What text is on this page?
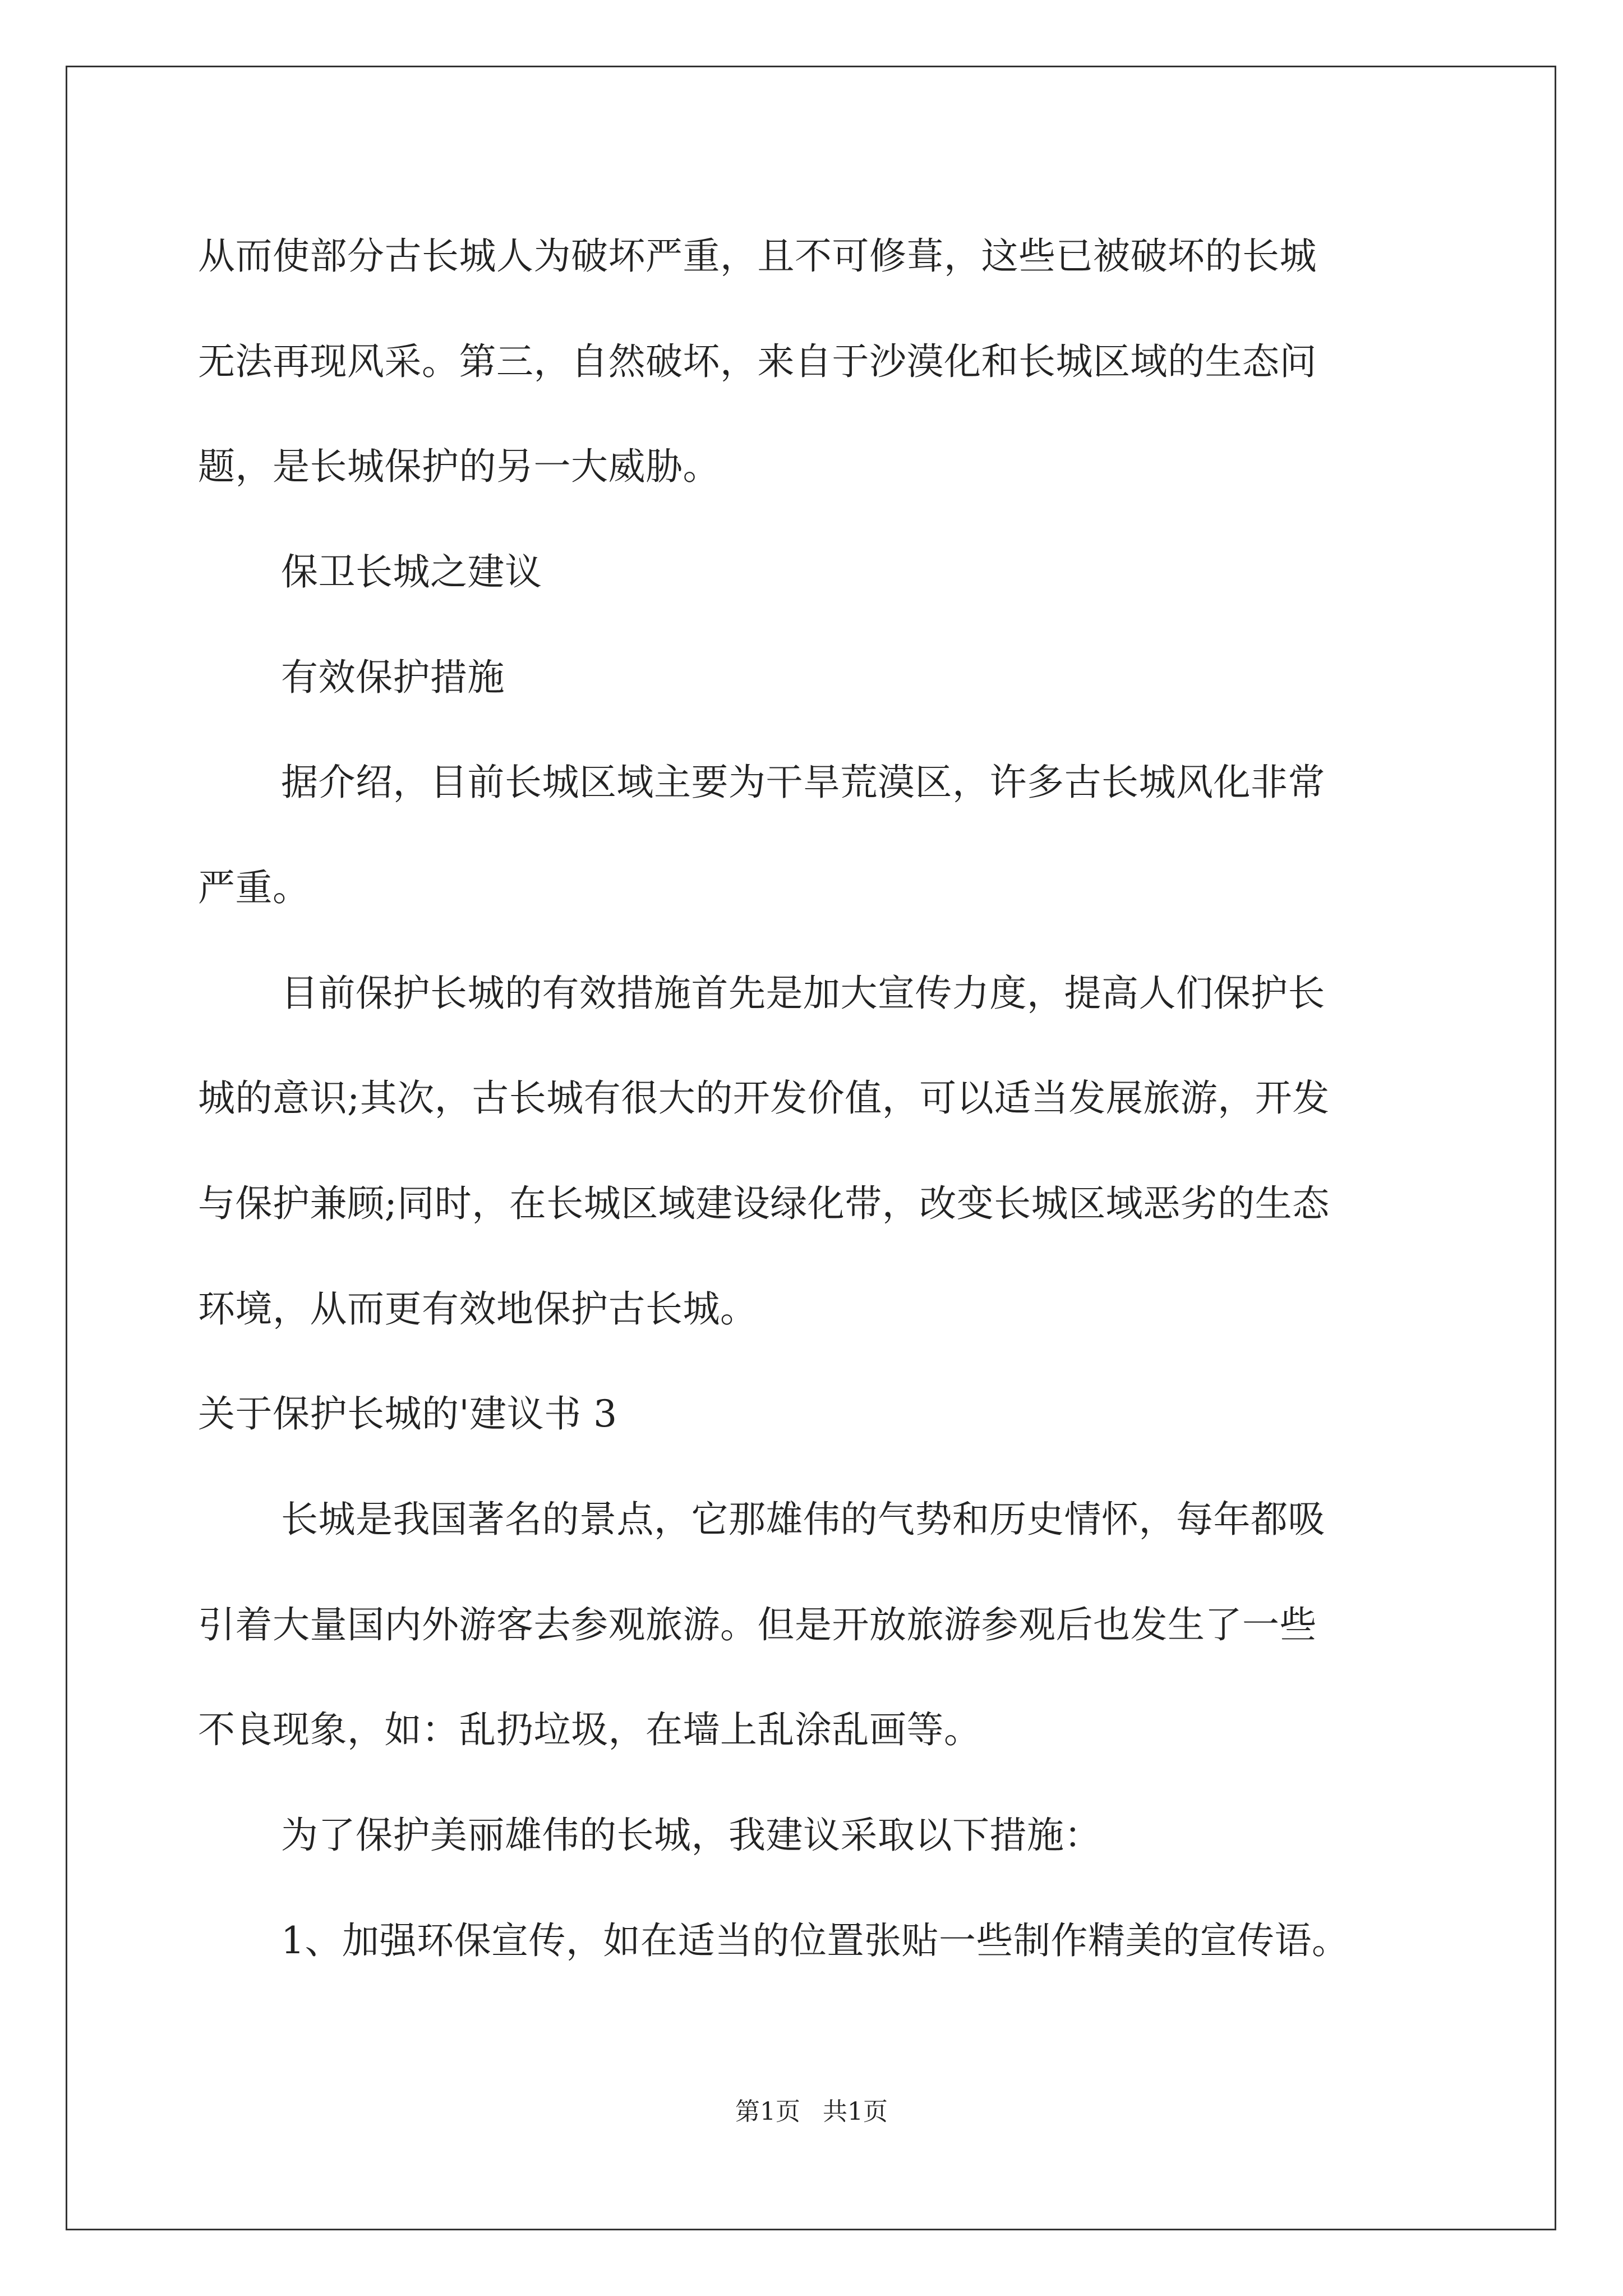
从而使部分古长城人为破坏严重，且不可修葺，这些已被破坏的长城
无法再现风采。第三，自然破坏，来自于沙漠化和长城区域的生态问
题，是长城保护的另一大威胁。
保卫长城之建议
有效保护措施
据介绍，目前长城区域主要为干旱荒漠区，许多古长城风化非常
严重。
目前保护长城的有效措施首先是加大宣传力度，提高人们保护长
城的意识;其次，古长城有很大的开发价值，可以适当发展旅游，开发
与保护兼顾;同时，在长城区域建设绿化带，改变长城区域恶劣的生态
环境，从而更有效地保护古长城。
关于保护长城的'建议书 3
长城是我国著名的景点，它那雄伟的气势和历史情怀，每年都吸
引着大量国内外游客去参观旅游。但是开放旅游参观后也发生了一些
不良现象，如：乱扔垃圾，在墙上乱涂乱画等。
为了保护美丽雄伟的长城，我建议采取以下措施：
1、加强环保宣传，如在适当的位置张贴一些制作精美的宣传语。
第1页 共1页
